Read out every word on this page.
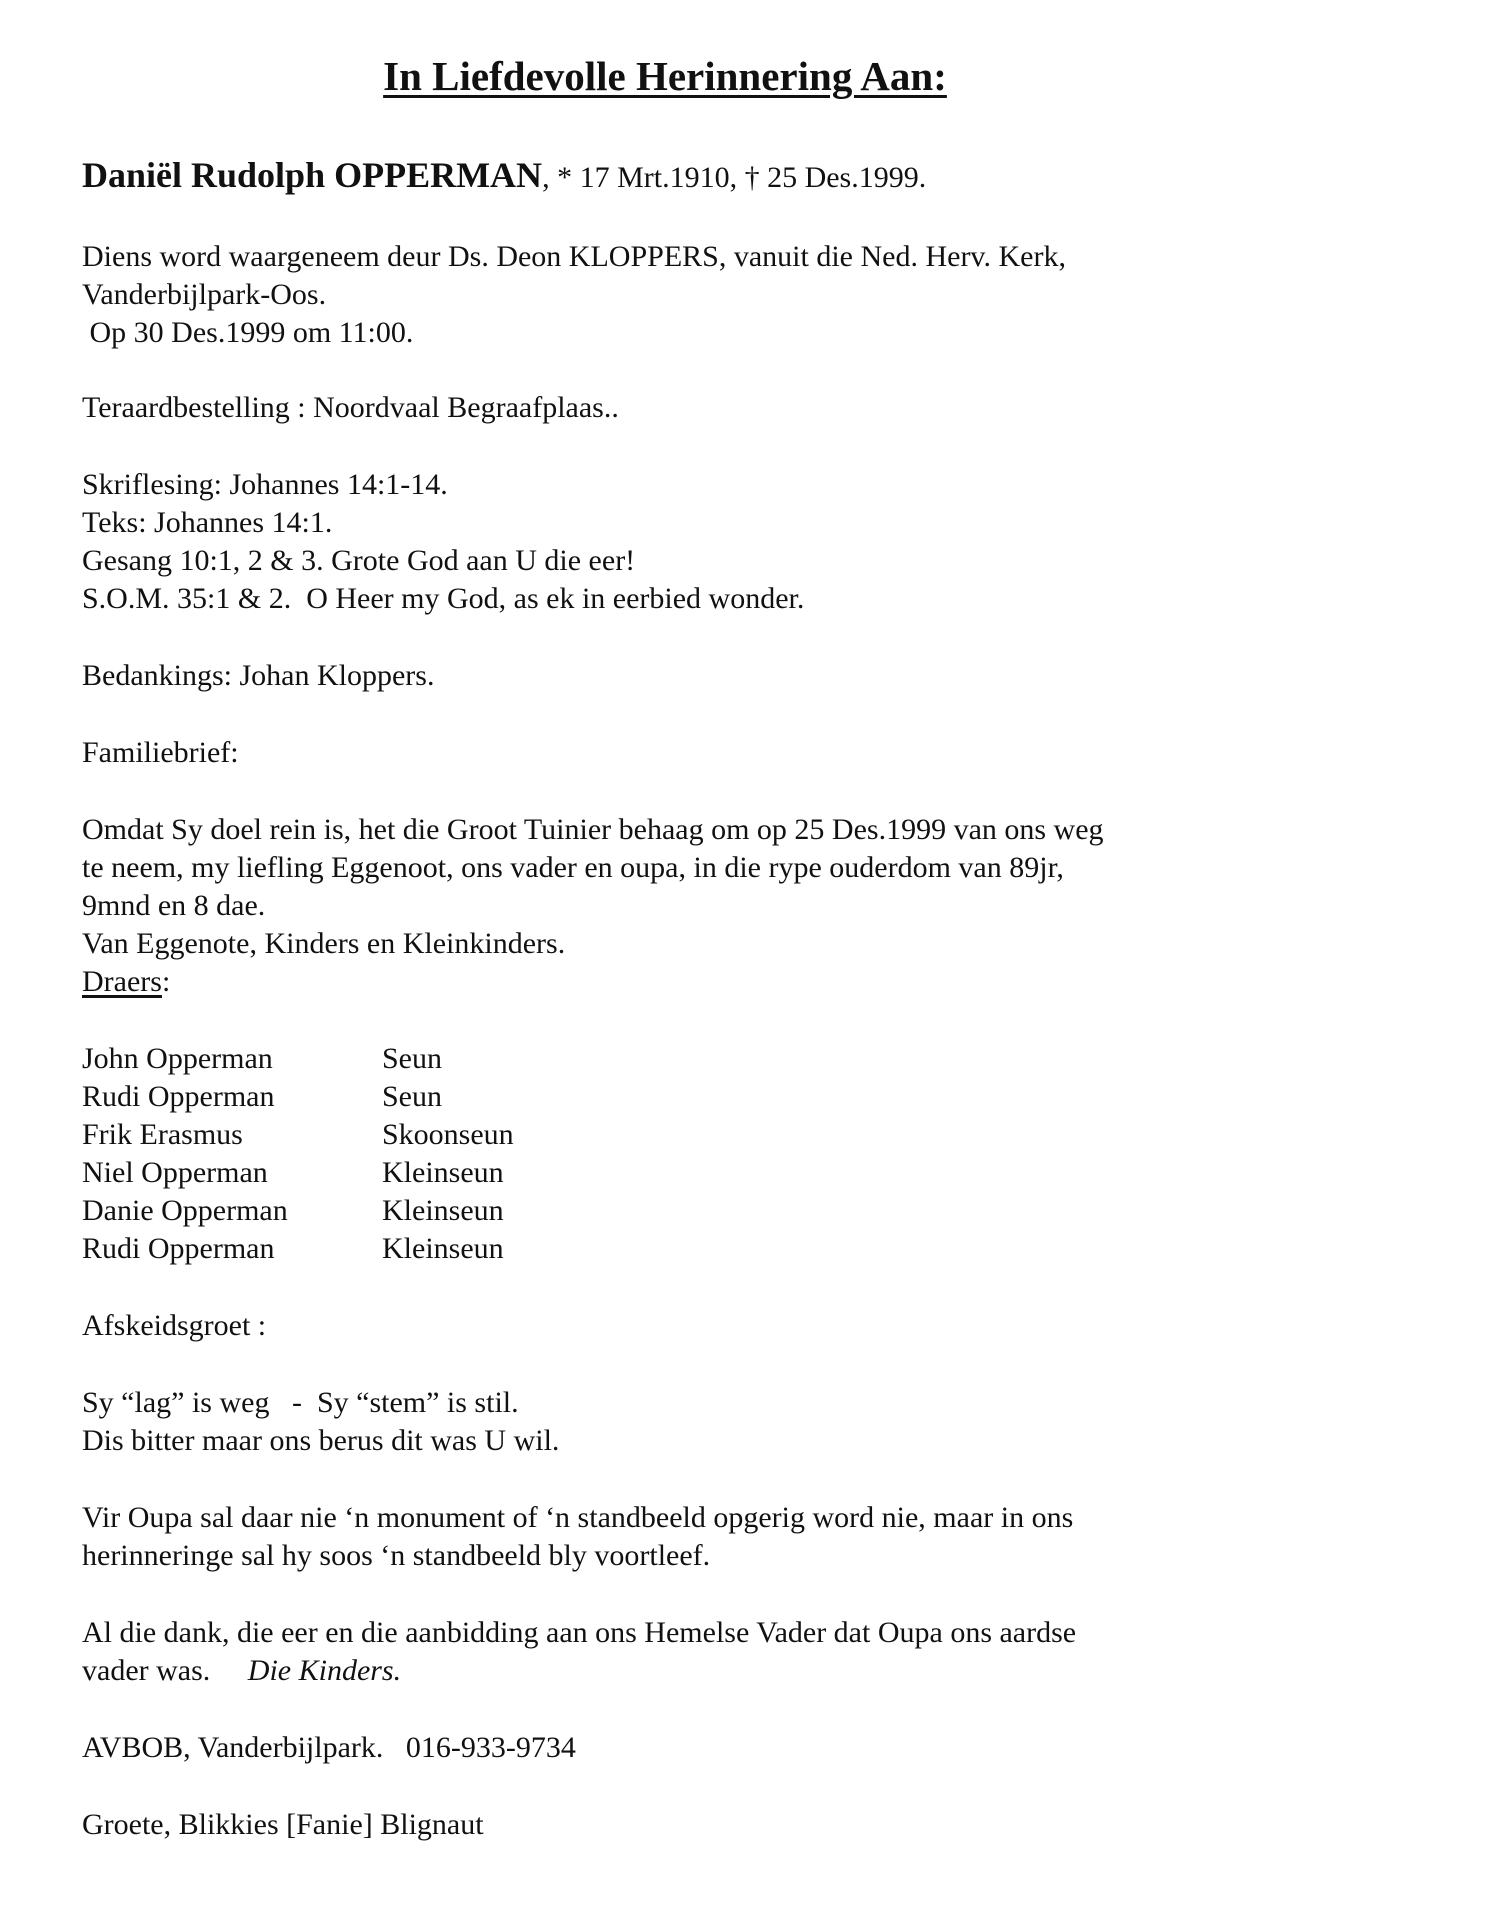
In Liefdevolle Herinnering Aan:

Daniël Rudolph OPPERMAN, * 17 Mrt.1910, † 25 Des.1999.

Diens word waargeneem deur Ds. Deon KLOPPERS, vanuit die Ned. Herv. Kerk,

Vanderbijlpark-Oos.

Op 30 Des.1999 om 11:00.

Teraardbestelling : Noordvaal Begraafplaas..

Skriflesing: Johannes 14:1-14.

Teks: Johannes 14:1.

Gesang 10:1, 2 & 3. Grote God aan U die eer!

S.O.M. 35:1 & 2.  O Heer my God, as ek in eerbied wonder.

Bedankings: Johan Kloppers.

Familiebrief:

Omdat Sy doel rein is, het die Groot Tuinier behaag om op 25 Des.1999 van ons weg

te neem, my liefling Eggenoot, ons vader en oupa, in die rype ouderdom van 89jr,

9mnd en 8 dae.

Van Eggenote, Kinders en Kleinkinders.

Draers:

John Opperman	Seun

Rudi Opperman	Seun

Frik Erasmus	Skoonseun

Niel Opperman	Kleinseun

Danie Opperman	Kleinseun

Rudi Opperman	Kleinseun

Afskeidsgroet :

Sy “lag” is weg   -  Sy “stem” is stil.

Dis bitter maar ons berus dit was U wil.

Vir Oupa sal daar nie ‘n monument of ‘n standbeeld opgerig word nie, maar in ons

herinneringe sal hy soos ‘n standbeeld bly voortleef.

Al die dank, die eer en die aanbidding aan ons Hemelse Vader dat Oupa ons aardse

vader was.     Die Kinders.

AVBOB, Vanderbijlpark.   016-933-9734

Groete, Blikkies [Fanie] Blignaut
